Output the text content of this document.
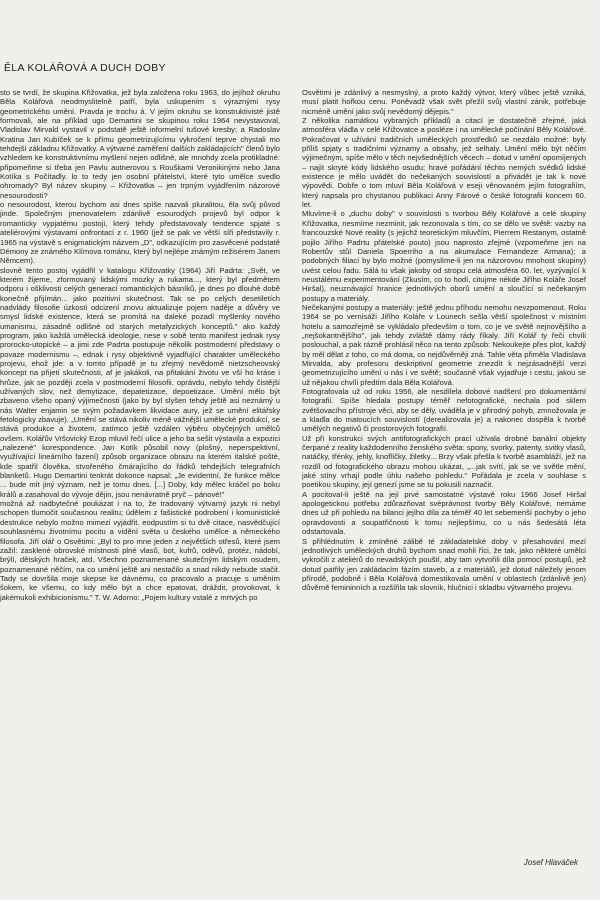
ĚLA KOLÁŘOVÁ A DUCH DOBY

sto se tvrdí, že skupina Křižovatka, jež byla založena roku 1963, do jejíhož okruhu Běla Kolářová neodmyslitelně patří, byla uskupením s výraznými rysy geometrického umění. Pravda je trochu á. V jejím okruhu se konstruktivisté jistě formovali, ale na příklad ugo Demartini se skupinou roku 1964 nevystavoval, Vladislav Mirvald vystavil v podstatě ještě informelní tušové kresby; a Radoslav Kratina Jan Kubíček se k přímu geometrizujícímu vykročení teprve chystali mo tehdejší základnu Křižovatky. A výtvarné zaměření dalších zakládajících" členů bylo vzhledem ke konstruktivnímu myšlení nejen odlišné, ale mnohdy zcela protikladné: připomeňme si třeba jen Pavlu autnerovou s Rouškami Veronikinými nebo Jana Kotíka s Počítadly. lo to tedy jen osobní přátelství, které tyto umělce svedlo ohromady? Byl název skupiny – Křižovatka – jen trpným vyjádřením názorové nesourodosti?

o nesourodost, kterou bychom asi dnes spíše nazvali pluralitou, ěla svůj původ jinde. Společným jmenovatelem zdánlivě esourodých projevů byl odpor k romanticky vypjatému postoji, který tehdy představovaly tendence spjaté s ateliérovými výstavami onfrontací z r. 1960 (jež se pak ve větší síři představily r. 1965 na výstavě s enigmatickým názvem „D", odkazujícím pro zasvěcené podstatě Démony ze známého Klímova románu, který byl nejlépe známým režisérem Janem Němcem).

slovně tento postoj vyjádřil v katalogu Křižovatky (1964) Jiří Padrta: „Svět, ve kterém žijeme, zformovaný lidskými mozky a rukama..., který byl předmětem odporu i ošklivosti celých generací romantických básníků, je dnes po dlouhé době konečně přijímán... jako pozitivní skutečnost. Tak se po celých desetiletích nadvlády filosofie úzkosti odcizení znovu aktualizuje pojem naděje a důvěry ve smysl lidské existence, která se promítá na daleké pozadí myšlenky nového umanismu, zásadně odlišné od starých metafyzických konceptů." ako každý program, jako každá umělecká ideologie, nese v sobě tento manifest jednak rysy prorocko-utopické – a jimi zde Padrta postupuje několik postmoderní představy o povaze modernismu –, ednak i rysy objektivně vyjadřující charakter uměleckého projevu, ehož jde: a v tomto případě je tu zřejmý nevědomě nietzscheovský koncept na přijetí skutečnosti, af je jakákoli, na přitakání životu ve vší ho kráse i hrůze, jak se později zcela v postmoderní filosofii. oprávdu, nebylo tehdy čistější užívaných slov, než demytizace, depatetizace, depoetizace. Umění mělo být zbaveno všeho opaný výjimečnosti (jako by byl slyšen tehdy ještě asi neznámý u nás Walter enjamin se svým požadavkem likvidace aury, jež se umění elitářsky fetologicky zbavuje). „Umění se stává nikoliv méně vážnější umělecké produkcí, se stává produkce a životem, zatímco ještě vzdálen výběru obyčejných umělců ovšem. Kolářův Vršovický Ezop mluvil řečí ulice a jeho ba sešit výstavila a expozici „nalezené" korespondence. Jan Kotík působil novy (plošný, neperspektivní, využívající lineárního fazení) způsob organizace obrazu na kterém italské pošté, kde spatřil člověka, stvořeného čmárajícího do řádků tehdejších telegrafních blanketů. Hugo Demartini tenkrát dokonce napsal: „Je evidentní, že funkce mělce ... bude mít jiný význam, než je tomu dnes. [...] Doby, kdy mělec kráčel po boku králů a zasahoval do vývoje dějin, jsou nenávratně pryč – pánové!"

možná až nadbytečné poukázat i na to, že tradovaný výtvarný jazyk ni nebyl schopen tlumočit současnou realitu; údělem z fašistické podrobení i komunistické destrukce nebylo možno mimezi vyjádřit. eodpustím si tu dvě citace, nasvědčující souhlasnému životnímu pocitu a vidění světa u českého umělce a německého filosofa. Jiří olář o Osvětimi: „Byl to pro mne jeden z největších otřesů, které jsem zažil: zasklené obrovské místnosti plné vlasů, bot, kufrů, oděvů, protéz, nádobí, brýlí, dětských hraček, atd. Všechno poznamenané skutečným lidským osudem, poznamenané něčím, na co umění ještě ani nestačilo a snad nikdy nebude stačit. Tady se dovršila moje skepse ke dávnému, co pracovalo a pracuje s uměním šokem, ke všemu, co kdy mělo být a chce epatovat, dráždit, provokovat, k jakémukoli exhibicionismu." T. W. Adorno: „Pojem kultury vstalé z mrtvých po

Osvětimi je zdánlivý a nesmyslný, a proto každý výtvor, který vůbec ještě vzniká, musí platit hořkou cenu. Poněvadž však svět přežil svůj vlastní zánik, potřebuje nicméně umění jako svůj nevědomý dějepis."

Z několika namátkou vybraných příkladů a citací je dostatečně zřejmé, jaká atmosféra vládla v celé Křižovatce a posléze i na umělecké počínání Běly Kolářové. Pokračovat v užívání tradičních uměleckých prostředků se nezdálo možné: byly příliš spjaty s tradičními významy a obsahy, jež selhaly. Umění mělo být něčím výjimečným, spíše mělo v těch nejvšednějších věcech – dotud v umění opomíjených – najít skryté kódy lidského osudu; hravé pořádání těchto nemých svědků lidské existence je mělo uvádět do nečekaných souvislostí a přivádět je tak k nové výpovědi. Dobře o tom mluví Běla Kolářová v eseji věnovaném jejím fotografiím, který napsala pro chystanou publikaci Anny Fárové o české fotografii koncem 60. let.

Mluvíme-li o „duchu doby" v souvislosti s tvorbou Běly Kolářové a celé skupiny Křižovatka, nesmíme nezminit, jak rezonovala s tím, co se dělo ve světě: vazby na francouzské Nové reality (s jejichž teoretickým mluvčím, Pierrem Restanym, ostatně pojilo Jiřího Padrtu přátelské pouto) jsou naprosto zřejmé (vzpomeňme jen na Robertův stůl Daniela Spoerriho a na akumulace Fernandeze Armana); a podobných filiací by bylo možné (pomyslíme-li jen na názorovou mnohost skupiny) uvést celou řadu. Sálá tu však jakoby od stropu celá atmosféra 60. let, vyzývající k neustálému experimentování (Zkusím, co to hodí, citujme nékde Jiřího Koláře Josef Hiršal), neuznávající hranice jednotlivých oborů umění a sloučící si nečekaným postupy a materiály.

Nečekanými postupy a materiály: ještě jednu příhodu nemohu nevzpomenout. Roku 1964 se po vernisáži Jiřího Koláře v Lounech sešla větší společnost v místním hotelu a samozřejmě se vykládalo především o tom, co je ve světě nejnovějšího a „nejšokantnějšího", jak tehdy zvláště dámy rády říkaly. Jiří Kolář ty řeči chvíli poslouchal, a pak rázně prohlásil něco na tento způsob: Nekoukejte přes plot, každý by měl dělat z toho, co má doma, co nejdůvěrněji zná. Tahle věta přiměla Vladislava Mirvalda, aby profesoru deskriptivní geometrie znezdít k nejzásadnější verzi geometrizujícího umění u nás i ve světě; současně však vyjadřuje i cestu, jakou se už nějakou chvíli předtím dala Běla Kolářová.

Fotografovala už od roku 1956, ale nesdílela dobové nadšení pro dokumentární fotografii. Spíše hledala postupy téměř nefotografické, nechala pod sklem zvětšovacího přístroje věci, aby se děly, uváděla je v přirodný pohyb, zmnožovala je a kladla do matoucích souvislostí (derealizovala je) a nakonec dospěla k tvorbě umělých negativů či prostorových fotografií.

Už při konstrukci svých antifotografických prací užívala drobné banální objekty čerpané z reality každodenního ženského světa: spony, svorky, patenty, svitky vlasů, natáčky, třénky, jehly, knoflíčky, žiletky... Brzy však přešla k tvorbě asambláží, jež na rozdíl od fotografického obrazu mohou ukázat, „...jak svítí, jak se ve světle mění, jaké stíny vrhají podle úhlu našeho pohledu." Pořádala je zcela v souhlase s poetikou skupiny, její genezí jsme se tu pokusili naznačit.

A pocitovaI-li ještě na její prvé samostatné výstavě roku 1966 Josef Hiršal apologetickou potřebu zdůrazňovat svéprávnost tvorby Běly Kolářové, nemáme dnes už při pohledu na bilanci jejího díla za téměř 40 let sebemenší pochyby o jeho opravdovosti a soupatřičnosti k tomu nejlepšímu, co u nás šedesátá léta odstartovala.

S přihlédnutím k zmíněné zálibě té základatelské doby v přesahování mezí jednotlivých uměleckých druhů bychom snad mohli říci, že tak, jako některé umělci vykročili z ateliérů do nevadských pouští, aby tam vytvořili díla pomocí postupů, jež dotud patřily jen zakládacím fázím staveb, a z materiálů, jež dotud náležely jenom přírodě, podobně i Běla Kolářová domestikovala umění v oblastech (zdánlivě jen) důvěrně femininních a rozšířila tak slovník, hlučnici i skladbu výtvarného projevu.

Josef Hlaváček
